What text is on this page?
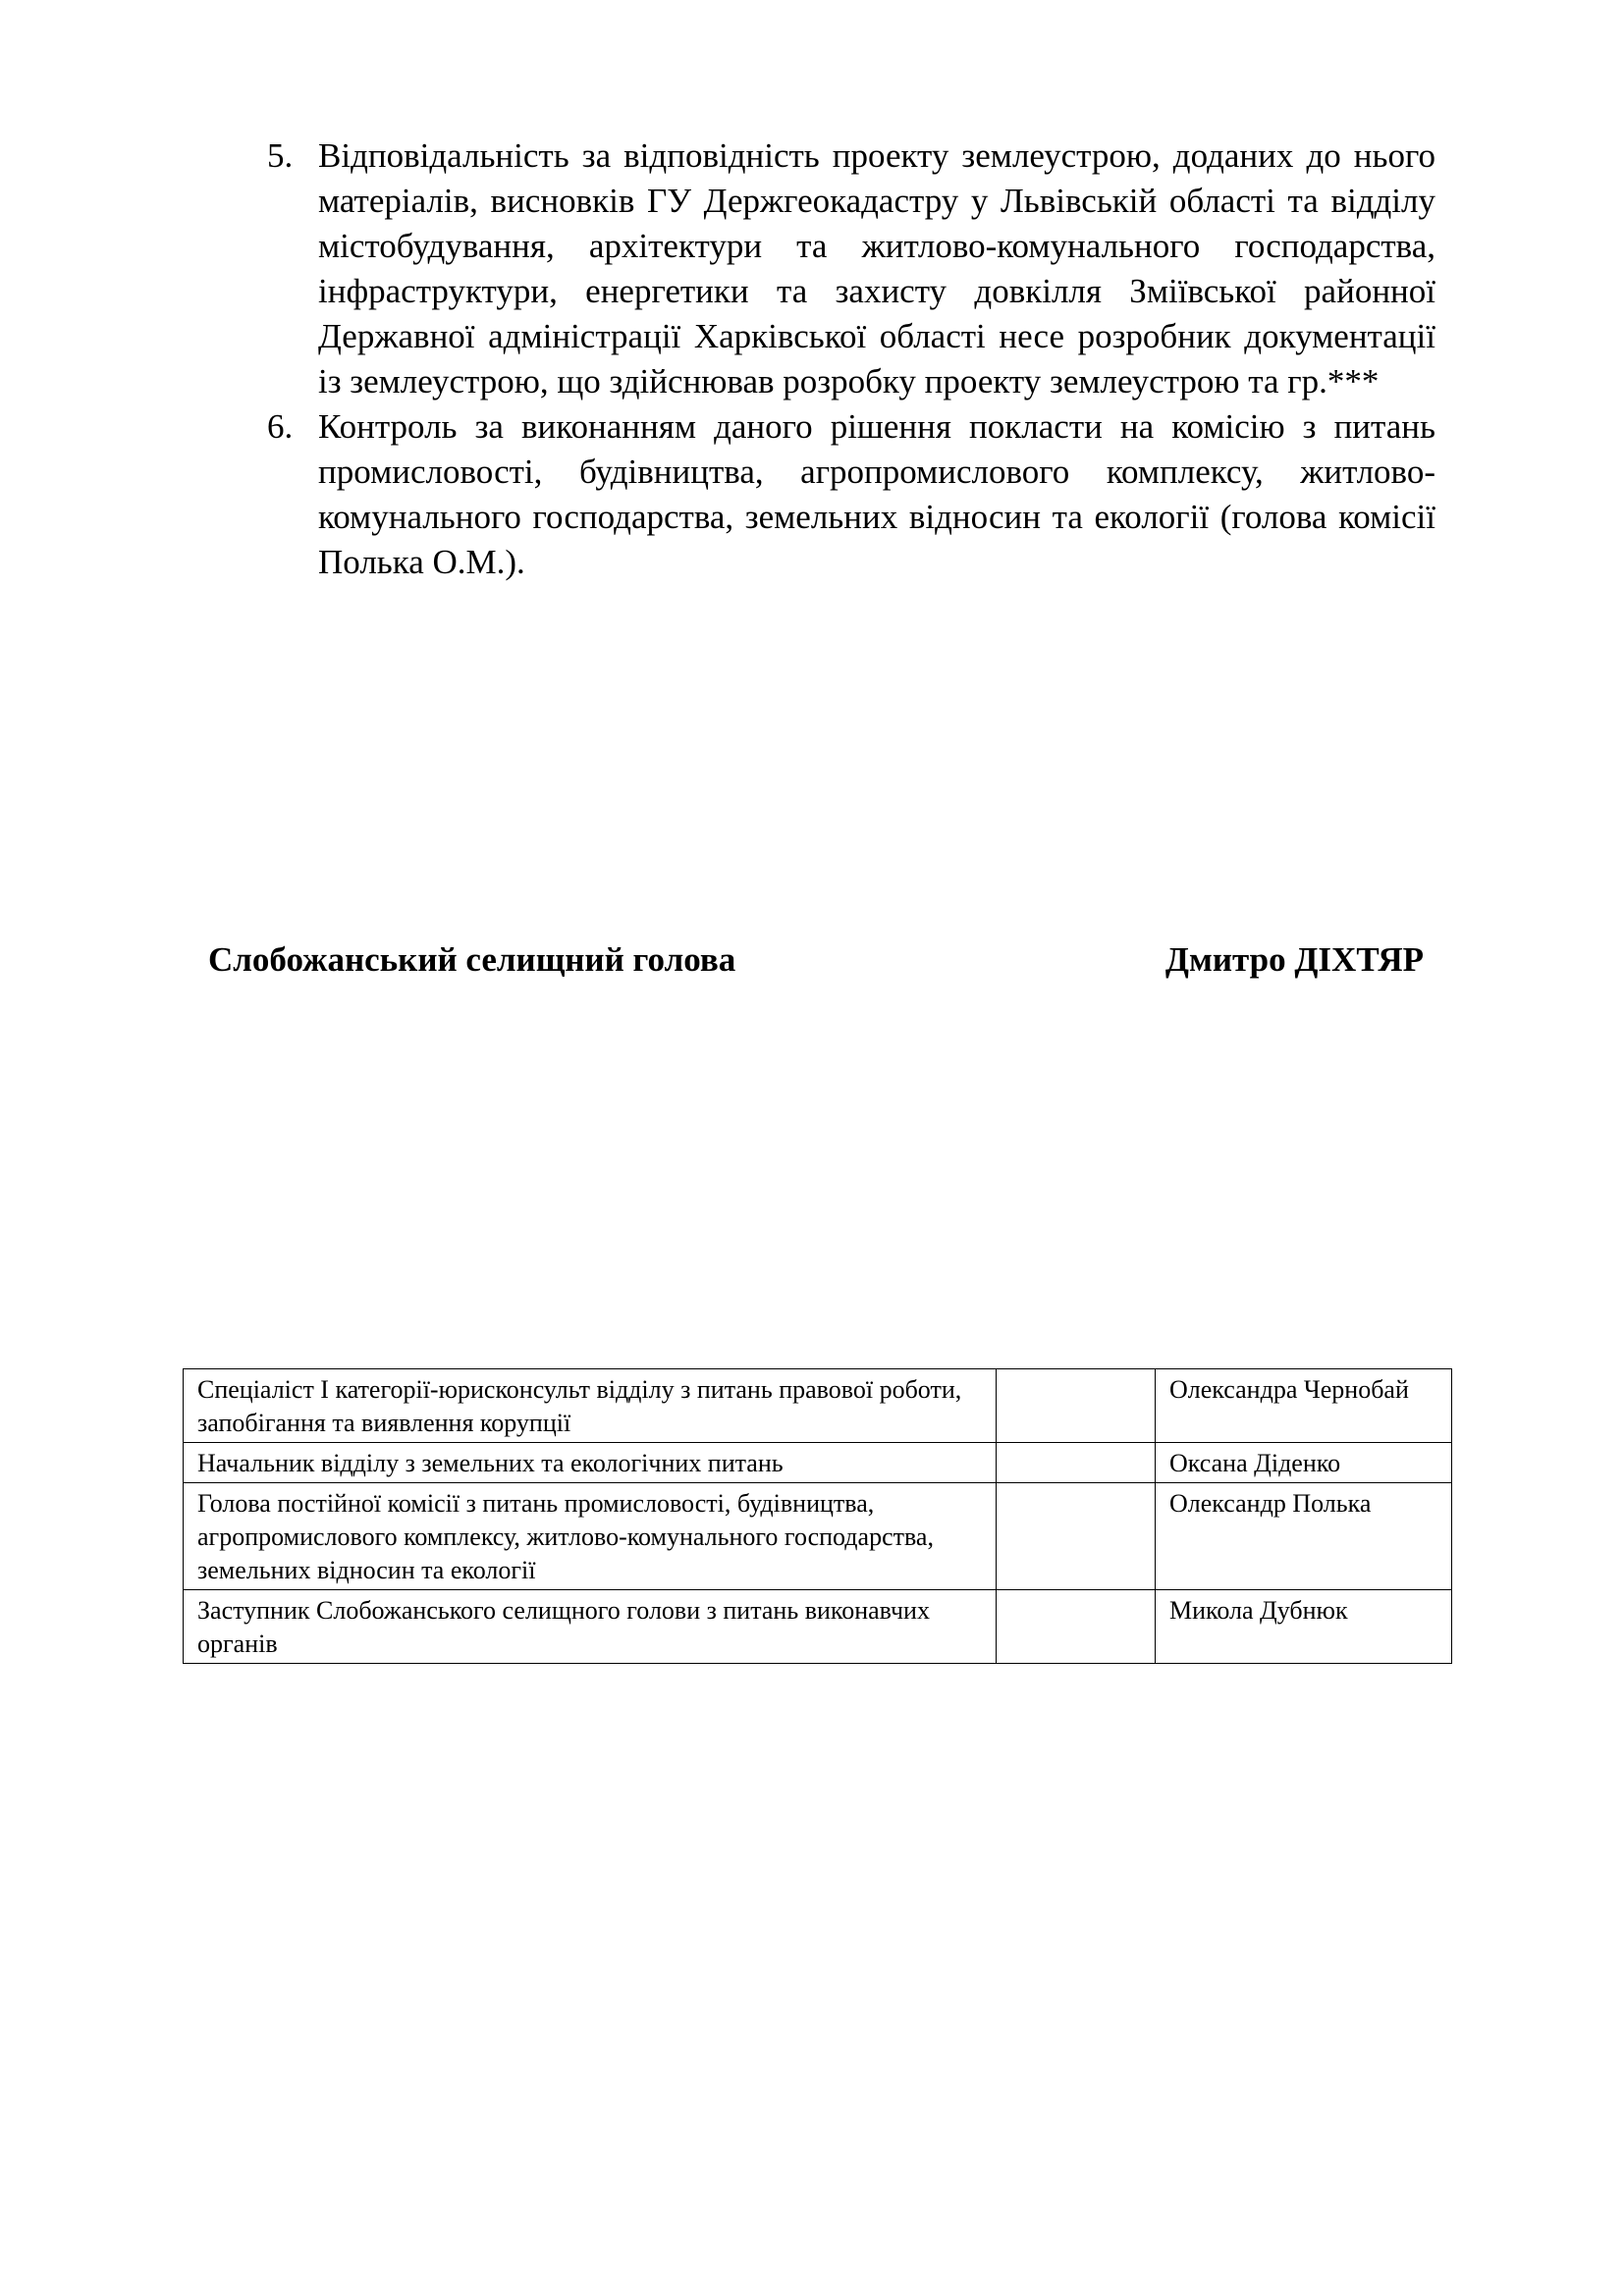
5. Відповідальність за відповідність проекту землеустрою, доданих до нього матеріалів, висновків ГУ Держгеокадастру у Львівській області та відділу містобудування, архітектури та житлово-комунального господарства, інфраструктури, енергетики та захисту довкілля Зміївської районної Державної адміністрації Харківської області несе розробник документації із землеустрою, що здійснював розробку проекту землеустрою та гр.***
6. Контроль за виконанням даного рішення покласти на комісію з питань промисловості, будівництва, агропромислового комплексу, житлово-комунального господарства, земельних відносин та екології (голова комісії Полька О.М.).
Слобожанський селищний голова	Дмитро ДІХТЯР
Спеціаліст І категорії-юрисконсульт відділу з питань правової роботи, запобігання та виявлення корупції		Олександра Чернобай
Начальник відділу з земельних та екологічних питань		Оксана Діденко
Голова постійної комісії з питань промисловості, будівництва, агропромислового комплексу, житлово-комунального господарства, земельних відносин та екології		Олександр Полька
Заступник Слобожанського селищного голови з питань виконавчих органів		Микола Дубнюк
